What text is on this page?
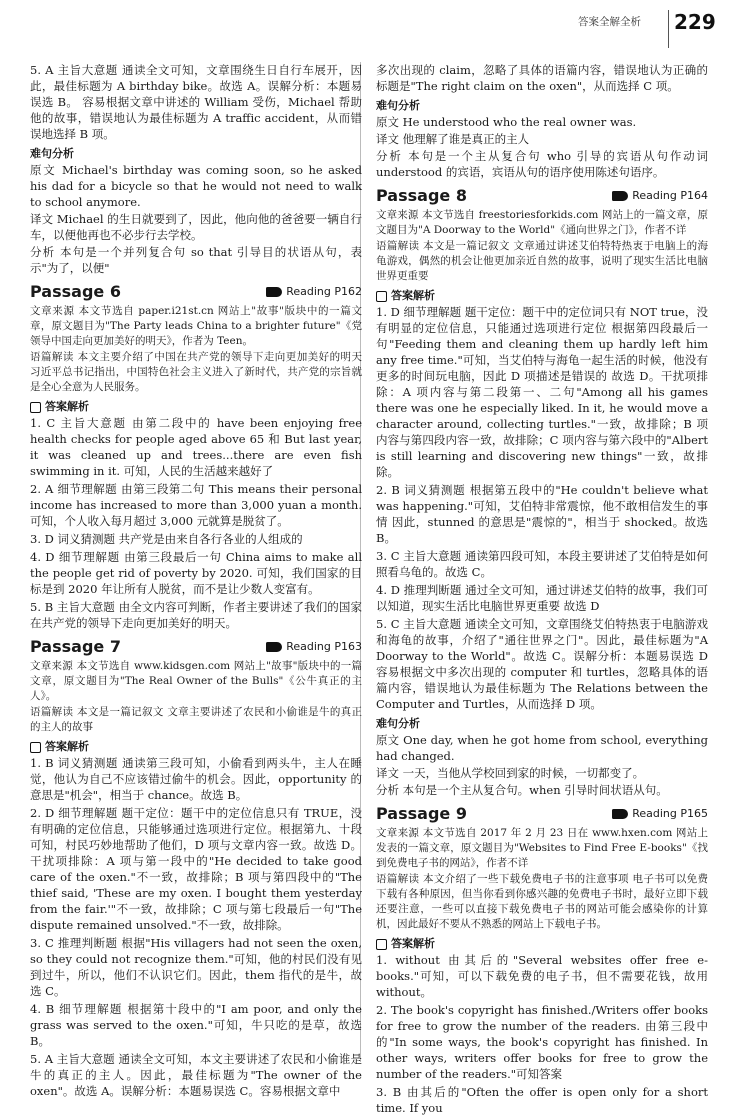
答案全解全析 229

5. A 主旨大意题 通读全文可知，文章围绕生日自行车展开，因此，最佳标题为 A birthday bike。故选 A。误解分析：本题易误选 B。 容易根据文章中讲述的 William 受伤，Michael 帮助他的故事，错误地认为最佳标题为 A traffic accident，从而错误地选择 B 项。

难句分析

原文 Michael's birthday was coming soon, so he asked his dad for a bicycle so that he would not need to walk to school anymore.

译文 Michael 的生日就要到了，因此，他向他的爸爸要一辆自行车，以便他再也不必步行去学校。

分析 本句是一个并列复合句 so that 引导目的状语从句，表示"为了，以便"

Passage 6	Reading P162

文章来源 本文节选自 paper.i21st.cn 网站上"故事"版块中的一篇文章，原文题目为"The Party leads China to a brighter future"《党领导中国走向更加美好的明天》，作者为 Teen。

语篇解读 本文主要介绍了中国在共产党的领导下走向更加美好的明天 习近平总书记指出，中国特色社会主义进入了新时代，共产党的宗旨就是全心全意为人民服务。

答案解析

1. C 主旨大意题 由第二段中的 have been enjoying free health checks for people aged above 65 和 But last year, it was cleaned up and trees...there are even fish swimming in it. 可知，人民的生活越来越好了

2. A 细节理解题 由第三段第二句 This means their personal income has increased to more than 3,000 yuan a month. 可知，个人收入每月超过 3,000 元就算是脱贫了。

3. D 词义猜测题 共产党是由来自各行各业的人组成的

4. D 细节理解题 由第三段最后一句 China aims to make all the people get rid of poverty by 2020. 可知，我们国家的目标是到 2020 年让所有人脱贫，而不是让少数人变富有。

5. B 主旨大意题 由全文内容可判断，作者主要讲述了我们的国家在共产党的领导下走向更加美好的明天。

Passage 7	Reading P163

文章来源 本文节选自 www.kidsgen.com 网站上"故事"版块中的一篇文章，原文题目为"The Real Owner of the Bulls"《公牛真正的主人》。

语篇解读 本文是一篇记叙文 文章主要讲述了农民和小偷谁是牛的真正的主人的故事

答案解析

1. B 词义猜测题 通读第三段可知，小偷看到两头牛，主人在睡觉，他认为自己不应该错过偷牛的机会。因此，opportunity 的意思是"机会"，相当于 chance。故选 B。

2. D 细节理解题 题干定位：题干中的定位信息只有 TRUE，没有明确的定位信息，只能够通过选项进行定位。根据第九、十段可知，村民巧妙地帮助了他们，D 项与文章内容一致。故选 D。干扰项排除：A 项与第一段中的"He decided to take good care of the oxen."不一致，故排除；B 项与第四段中的"The thief said, 'These are my oxen. I bought them yesterday from the fair.'"不一致，故排除；C 项与第七段最后一句"The dispute remained unsolved."不一致，故排除。

3. C 推理判断题 根据"His villagers had not seen the oxen, so they could not recognize them."可知，他的村民们没有见到过牛，所以，他们不认识它们。因此，them 指代的是牛，故选 C。

4. B 细节理解题 根据第十段中的"I am poor, and only the grass was served to the oxen."可知，牛只吃的是草，故选 B。

5. A 主旨大意题 通读全文可知，本文主要讲述了农民和小偷谁是牛的真正的主人。因此，最佳标题为"The owner of the oxen"。故选 A。误解分析：本题易误选 C。容易根据文章中

多次出现的 claim，忽略了具体的语篇内容，错误地认为正确的标题是"The right claim on the oxen"，从而选择 C 项。

难句分析

原文 He understood who the real owner was.

译文 他理解了谁是真正的主人

分析 本句是一个主从复合句 who 引导的宾语从句作动词 understood 的宾语，宾语从句的语序使用陈述句语序。

Passage 8	Reading P164

文章来源 本文节选自 freestoriesforkids.com 网站上的一篇文章，原文题目为"A Doorway to the World"《通向世界之门》，作者不详

语篇解读 本文是一篇记叙文 文章通过讲述艾伯特特热衷于电脑上的海龟游戏，偶然的机会让他更加亲近自然的故事，说明了现实生活比电脑世界更重要

答案解析

1. D 细节理解题 题干定位：题干中的定位词只有 NOT true，没有明显的定位信息，只能通过选项进行定位 根据第四段最后一句"Feeding them and cleaning them up hardly left him any free time."可知，当艾伯特与海龟一起生活的时候，他没有更多的时间玩电脑，因此 D 项描述是错误的 故选 D。干扰项排除：A 项内容与第二段第一、二句"Among all his games there was one he especially liked. In it, he would move a character around, collecting turtles."一致，故排除；B 项内容与第四段内容一致，故排除；C 项内容与第六段中的"Albert is still learning and discovering new things"一致，故排除。

2. B 词义猜测题 根据第五段中的"He couldn't believe what was happening."可知，艾伯特非常震惊，他不敢相信发生的事情 因此，stunned 的意思是"震惊的"，相当于 shocked。故选 B。

3. C 主旨大意题 通读第四段可知，本段主要讲述了艾伯特是如何照看乌龟的。故选 C。

4. D 推理判断题 通过全文可知，通过讲述艾伯特的故事，我们可以知道，现实生活比电脑世界更重要 故选 D

5. C 主旨大意题 通读全文可知，文章围绕艾伯特热衷于电脑游戏和海龟的故事，介绍了"通往世界之门"。因此，最佳标题为"A Doorway to the World"。故选 C。误解分析：本题易误选 D 容易根据文中多次出现的 computer 和 turtles，忽略具体的语篇内容，错误地认为最佳标题为 The Relations between the Computer and Turtles，从而选择 D 项。

难句分析

原文 One day, when he got home from school, everything had changed.

译文 一天，当他从学校回到家的时候，一切都变了。

分析 本句是一个主从复合句。when 引导时间状语从句。

Passage 9	Reading P165

文章来源 本文节选自 2017 年 2 月 23 日在 www.hxen.com 网站上发表的一篇文章，原文题目为"Websites to Find Free E-books"《找到免费电子书的网站》，作者不详

语篇解读 本文介绍了一些下载免费电子书的注意事项 电子书可以免费下载有各种原因，但当你看到你感兴趣的免费电子书时，最好立即下载 还要注意，一些可以直接下载免费电子书的网站可能会感染你的计算机，因此最好不要从不熟悉的网站上下载电子书。

答案解析

1. without 由其后的"Several websites offer free e-books."可知，可以下载免费的电子书，但不需要花钱，故用 without。

2. The book's copyright has finished./Writers offer books for free to grow the number of the readers. 由第三段中的"In some ways, the book's copyright has finished. In other ways, writers offer books for free to grow the number of the readers."可知答案

3. B 由其后的"Often the offer is open only for a short time. If you
